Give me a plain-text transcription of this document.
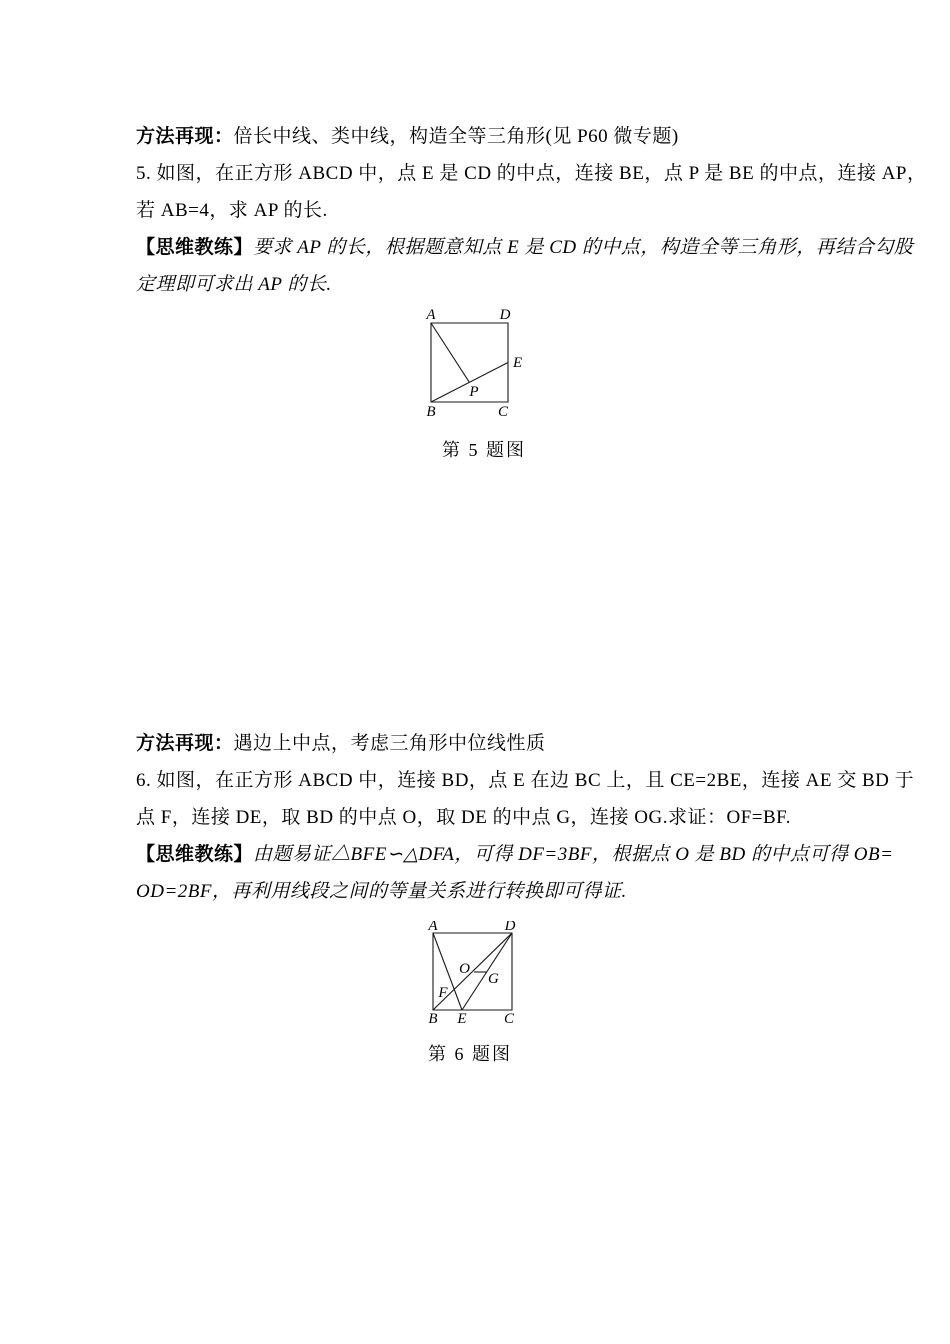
方法再现：倍长中线、类中线，构造全等三角形(见 P60 微专题)
5. 如图，在正方形 ABCD 中，点 E 是 CD 的中点，连接 BE，点 P 是 BE 的中点，连接 AP，
若 AB=4，求 AP 的长.
【思维教练】要求 AP 的长，根据题意知点 E 是 CD 的中点，构造全等三角形，再结合勾股
定理即可求出 AP 的长.
A	D
B	C
E
P
第 5 题图
方法再现：遇边上中点，考虑三角形中位线性质
6. 如图，在正方形 ABCD 中，连接 BD，点 E 在边 BC 上，且 CE=2BE，连接 AE 交 BD 于
点 F，连接 DE，取 BD 的中点 O，取 DE 的中点 G，连接 OG.求证：OF=BF.
【思维教练】由题易证△BFE∽△DFA，可得 DF=3BF，根据点 O 是 BD 的中点可得 OB=
OD=2BF，再利用线段之间的等量关系进行转换即可得证.
A	D
B E C
O
G
F
第 6 题图
